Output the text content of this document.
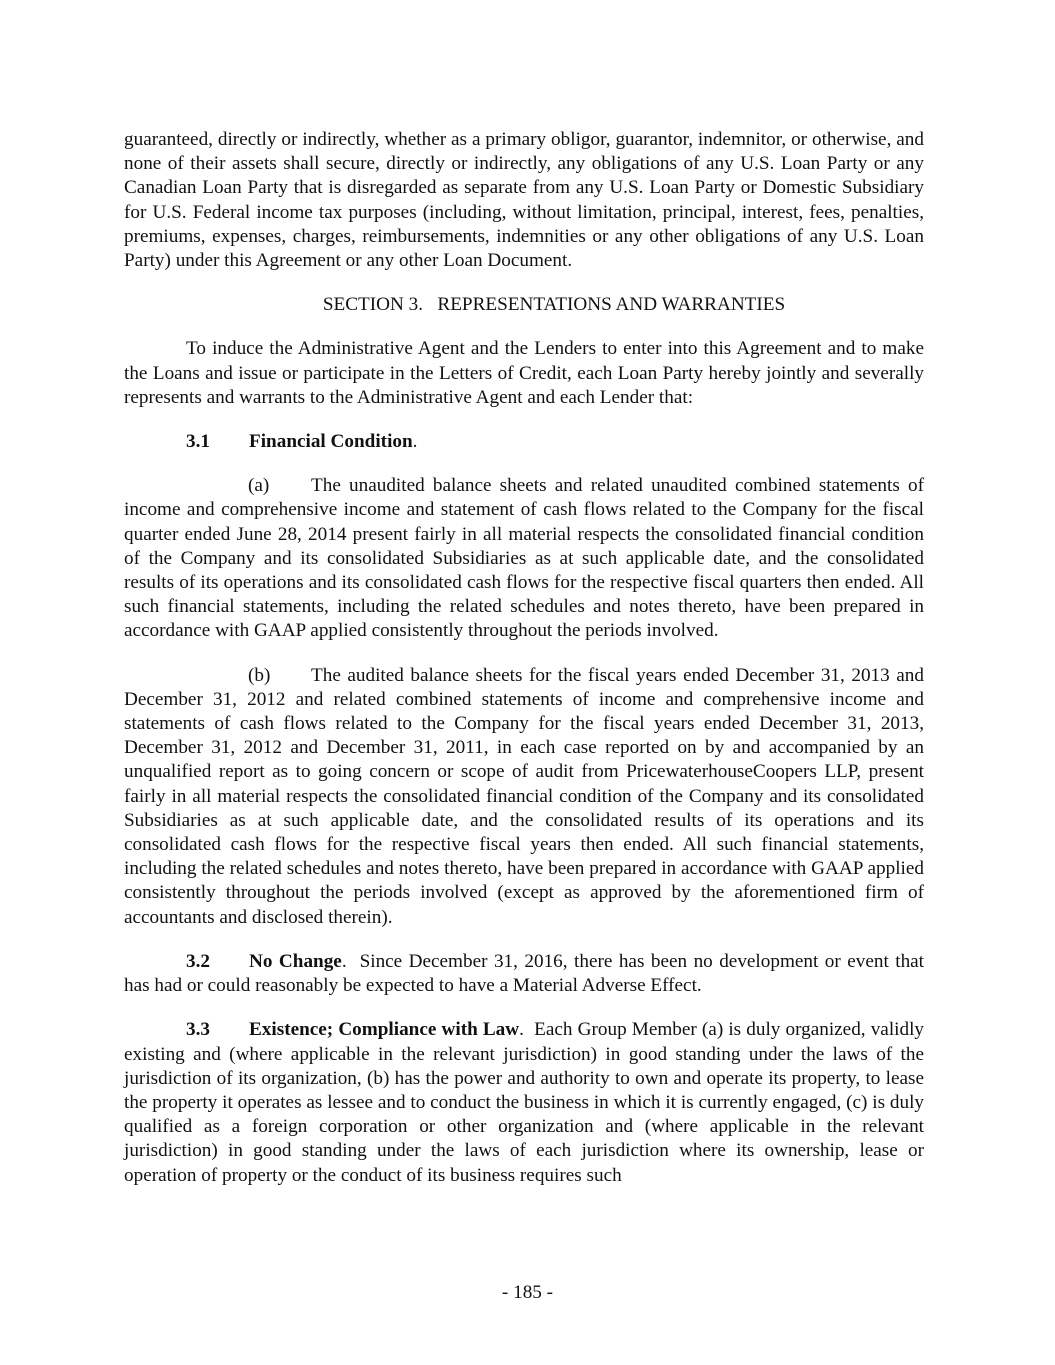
guaranteed, directly or indirectly, whether as a primary obligor, guarantor, indemnitor, or otherwise, and none of their assets shall secure, directly or indirectly, any obligations of any U.S. Loan Party or any Canadian Loan Party that is disregarded as separate from any U.S. Loan Party or Domestic Subsidiary for U.S. Federal income tax purposes (including, without limitation, principal, interest, fees, penalties, premiums, expenses, charges, reimbursements, indemnities or any other obligations of any U.S. Loan Party) under this Agreement or any other Loan Document.

SECTION 3.   REPRESENTATIONS AND WARRANTIES

To induce the Administrative Agent and the Lenders to enter into this Agreement and to make the Loans and issue or participate in the Letters of Credit, each Loan Party hereby jointly and severally represents and warrants to the Administrative Agent and each Lender that:

3.1 Financial Condition.

(a) The unaudited balance sheets and related unaudited combined statements of income and comprehensive income and statement of cash flows related to the Company for the fiscal quarter ended June 28, 2014 present fairly in all material respects the consolidated financial condition of the Company and its consolidated Subsidiaries as at such applicable date, and the consolidated results of its operations and its consolidated cash flows for the respective fiscal quarters then ended. All such financial statements, including the related schedules and notes thereto, have been prepared in accordance with GAAP applied consistently throughout the periods involved.

(b) The audited balance sheets for the fiscal years ended December 31, 2013 and December 31, 2012 and related combined statements of income and comprehensive income and statements of cash flows related to the Company for the fiscal years ended December 31, 2013, December 31, 2012 and December 31, 2011, in each case reported on by and accompanied by an unqualified report as to going concern or scope of audit from PricewaterhouseCoopers LLP, present fairly in all material respects the consolidated financial condition of the Company and its consolidated Subsidiaries as at such applicable date, and the consolidated results of its operations and its consolidated cash flows for the respective fiscal years then ended. All such financial statements, including the related schedules and notes thereto, have been prepared in accordance with GAAP applied consistently throughout the periods involved (except as approved by the aforementioned firm of accountants and disclosed therein).

3.2 No Change.  Since December 31, 2016, there has been no development or event that has had or could reasonably be expected to have a Material Adverse Effect.

3.3 Existence; Compliance with Law.  Each Group Member (a) is duly organized, validly existing and (where applicable in the relevant jurisdiction) in good standing under the laws of the jurisdiction of its organization, (b) has the power and authority to own and operate its property, to lease the property it operates as lessee and to conduct the business in which it is currently engaged, (c) is duly qualified as a foreign corporation or other organization and (where applicable in the relevant jurisdiction) in good standing under the laws of each jurisdiction where its ownership, lease or operation of property or the conduct of its business requires such

- 185 -
